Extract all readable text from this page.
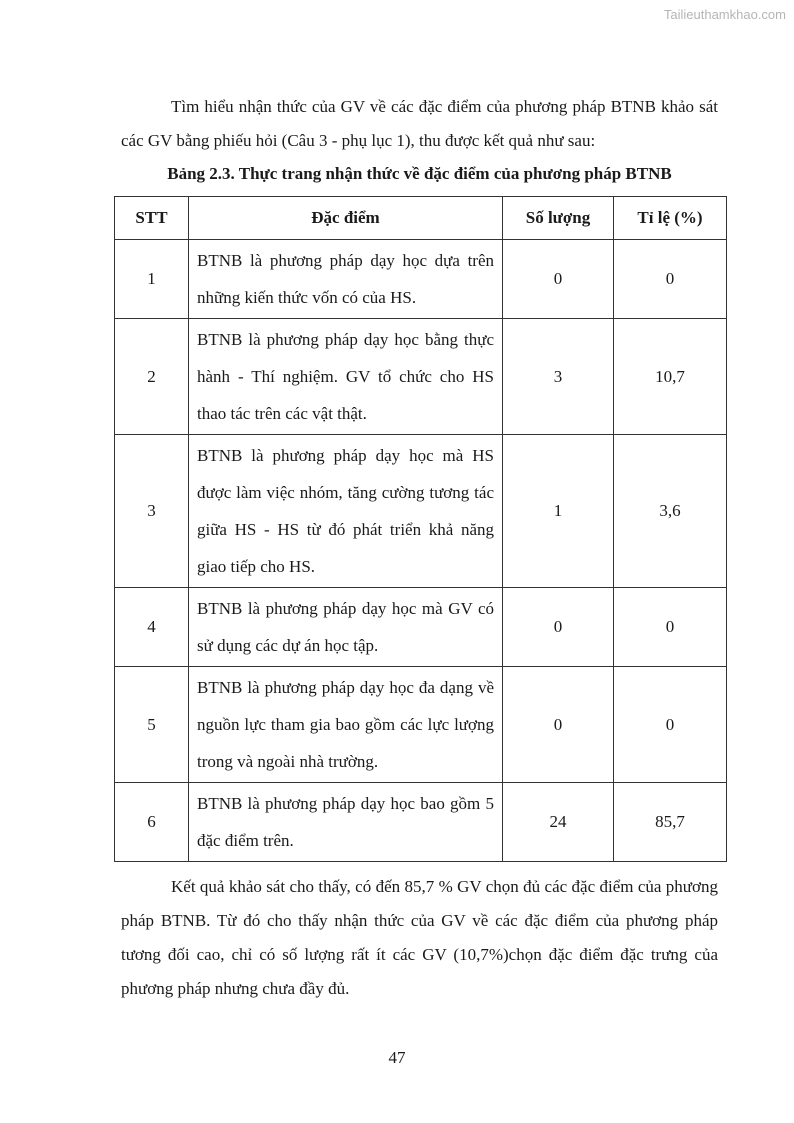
Tailieuthamkhao.com

Tìm hiểu nhận thức của GV về các đặc điểm của phương pháp BTNB khảo sát các GV bằng phiếu hỏi (Câu 3 - phụ lục 1), thu được kết quả như sau:

Bảng 2.3. Thực trang nhận thức về đặc điểm của phương pháp BTNB
STT	Đặc điểm	Số lượng	Tỉ lệ (%)
1	BTNB là phương pháp dạy học dựa trên những kiến thức vốn có của HS.	0	0
2	BTNB là phương pháp dạy học bằng thực hành - Thí nghiệm. GV tổ chức cho HS thao tác trên các vật thật.	3	10,7
3	BTNB là phương pháp dạy học mà HS được làm việc nhóm, tăng cường tương tác giữa HS - HS từ đó phát triển khả năng giao tiếp cho HS.	1	3,6
4	BTNB là phương pháp dạy học mà GV có sử dụng các dự án học tập.	0	0
5	BTNB là phương pháp dạy học đa dạng về nguồn lực tham gia bao gồm các lực lượng trong và ngoài nhà trường.	0	0
6	BTNB là phương pháp dạy học bao gồm 5 đặc điểm trên.	24	85,7

Kết quả khảo sát cho thấy, có đến 85,7 % GV chọn đủ các đặc điểm của phương pháp BTNB. Từ đó cho thấy nhận thức của GV về các đặc điểm của phương pháp tương đối cao, chỉ có số lượng rất ít các GV (10,7%)chọn đặc điểm đặc trưng của phương pháp nhưng chưa đầy đủ.

47
